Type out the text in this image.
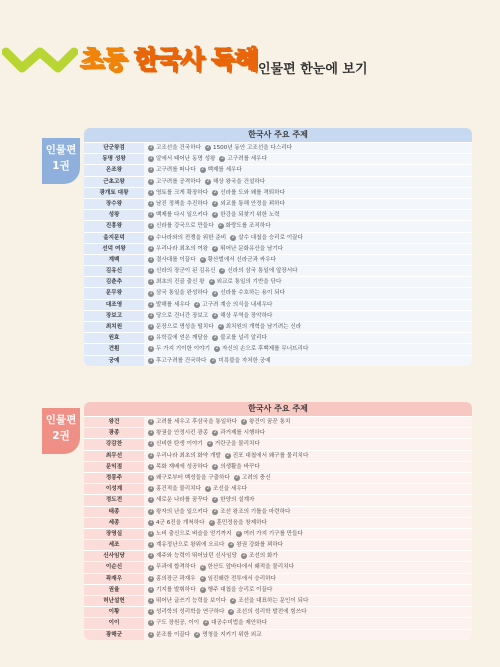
초등 한국사 독해 인물편 한눈에 보기
인물편
1권
한국사 주요 주제
단군왕검	1 고조선을 건국하다	2 1500년 동안 고조선을 다스리다
동명 성왕	1 알에서 태어난 동명 성왕	2 고구려를 세우다
온조왕	1 고구려를 떠나다	2 백제를 세우다
근초고왕	1 고구려를 공격하다	2 해상 왕국을 건설하다
광개토 대왕	1 영토를 크게 확장하다	2 신라를 도와 왜를 격퇴하다
장수왕	1 남진 정책을 추진하다	2 외교를 통해 안정을 꾀하다
성왕	1 백제를 다시 일으키다	2 한강을 되찾기 위한 노력
진흥왕	1 신라를 강국으로 만들다	2 화랑도를 조직하다
을지문덕	1 수나라와의 전쟁을 위한 준비	2 살수 대첩을 승리로 이끌다
선덕 여왕	1 우리나라 최초의 여왕	2 뛰어난 문화유산을 남기다
계백	1 결사대를 이끌다	2 황산벌에서 신라군과 싸우다
김유신	1 신라의 장군이 된 김유신	2 신라의 삼국 통일에 앞장서다
김춘추	1 최초의 진골 출신 왕	2 외교로 통일의 기반을 닦다
문무왕	1 삼국 통일을 완성하다	2 신라를 수호하는 용이 되다
대조영	1 발해를 세우다	2 고구려 계승 의식을 내세우다
장보고	1 당으로 건너간 장보고	2 해상 무역을 장악하다
최치원	1 문장으로 명성을 떨치다	2 최치원의 개혁을 남기려는 신라
원효	1 유학길에 얻은 깨달음	2 불교를 널리 알리다
견훤	1 두 가지 기이한 이야기	2 자신의 손으로 후백제를 무너뜨리다
궁예	1 후고구려를 건국하다	2 미륵불을 자처한 궁예
인물편
2권
한국사 주요 주제
왕건	1 고려를 세우고 후삼국을 통일하다	2 왕건이 꿈꾼 통치
광종	1 왕권을 안정시킨 광종	2 과거제를 시행하다
강감찬	1 신비한 탄생 이야기	2 거란군을 물리치다
최무선	1 우리나라 최초의 화약 개발	2 진포 대첩에서 왜구를 물리치다
문익점	1 목화 재배에 성공하다	2 의생활을 바꾸다
정몽주	1 왜구로부터 백성들을 구출하다	2 고려의 충신
이성계	1 홍건적을 물리치다	2 조선을 세우다
정도전	1 새로운 나라를 꿈꾸다	2 한양의 설계자
태종	1 왕자의 난을 일으키다	2 조선 왕조의 기틀을 마련하다
세종	1 4군 6진을 개척하다	2 훈민정음을 창제하다
장영실	1 노비 출신으로 벼슬을 얻기까지	2 여러 가지 기구를 만들다
세조	1 계유정난으로 왕위에 오르다	2 왕권 강화를 꾀하다
신사임당	1 재주와 능력이 뛰어났던 신사임당	2 조선의 화가
이순신	1 무과에 합격하다	2 한산도 앞바다에서 왜적을 물리치다
곽재우	1 홍의장군 곽재우	2 임진왜란 전투에서 승리하다
권율	1 기지를 발휘하다	2 행주 대첩을 승리로 이끌다
허난설헌	1 뛰어난 글쓰기 능력을 보이다	2 조선을 대표하는 문인이 되다
이황	1 성리학의 성리학을 연구하다	2 조선의 성리학 발전에 힘쓰다
이이	1 구도 장원공, 이이	2 대공수미법을 제안하다
광해군	1 분조를 이끌다	2 명청을 지키기 위한 외교
